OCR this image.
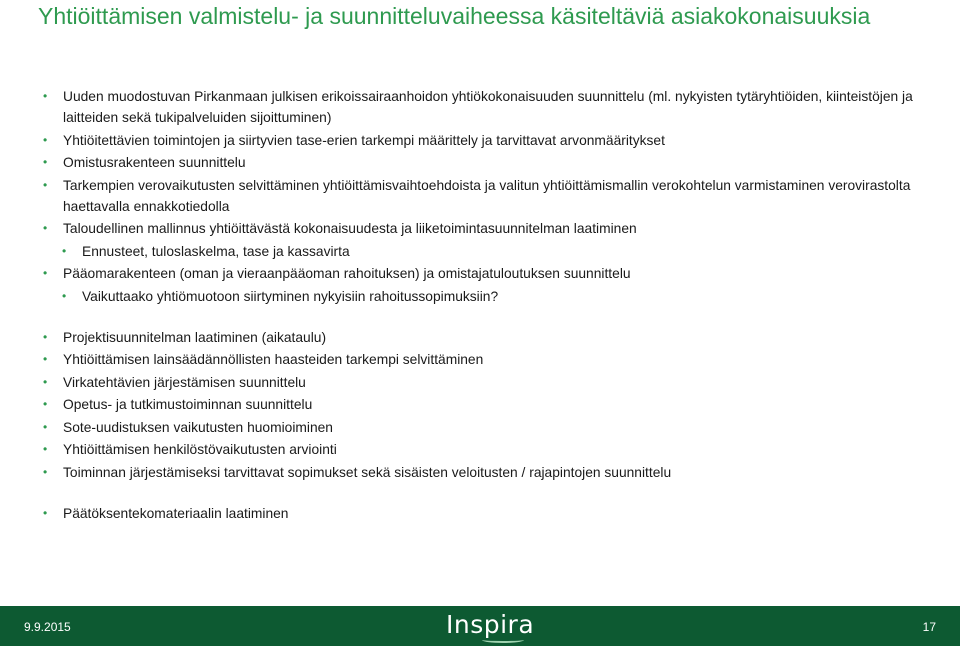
Yhtiöittämisen valmistelu- ja suunnitteluvaiheessa käsiteltäviä asiakokonaisuuksia
• Uuden muodostuvan Pirkanmaan julkisen erikoissairaanhoidon yhtiökokonaisuuden suunnittelu (ml. nykyisten tytäryhtiöiden, kiinteistöjen ja laitteiden sekä tukipalveluiden sijoittuminen)
• Yhtiöitettävien toimintojen ja siirtyvien tase-erien tarkempi määrittely ja tarvittavat arvonmääritykset
• Omistusrakenteen suunnittelu
• Tarkempien verovaikutusten selvittäminen yhtiöittämisvaihtoehdoista ja valitun yhtiöittämismallin verokohtelun varmistaminen verovirastolta haettavalla ennakkotiedolla
• Taloudellinen mallinnus yhtiöittävästä kokonaisuudesta ja liiketoimintasuunnitelman laatiminen
• Ennusteet, tuloslaskelma, tase ja kassavirta
• Pääomarakenteen (oman ja vieraanpääoman rahoituksen) ja omistajatuloutuksen suunnittelu
• Vaikuttaako yhtiömuotoon siirtyminen nykyisiin rahoitussopimuksiin?
• Projektisuunnitelman laatiminen (aikataulu)
• Yhtiöittämisen lainsäädännöllisten haasteiden tarkempi selvittäminen
• Virkatehtävien järjestämisen suunnittelu
• Opetus- ja tutkimustoiminnan suunnittelu
• Sote-uudistuksen vaikutusten huomioiminen
• Yhtiöittämisen henkilöstövaikutusten arviointi
• Toiminnan järjestämiseksi tarvittavat sopimukset sekä sisäisten veloitusten / rajapintojen suunnittelu
• Päätöksentekomateriaalin laatiminen
9.9.2015	Inspira	17
